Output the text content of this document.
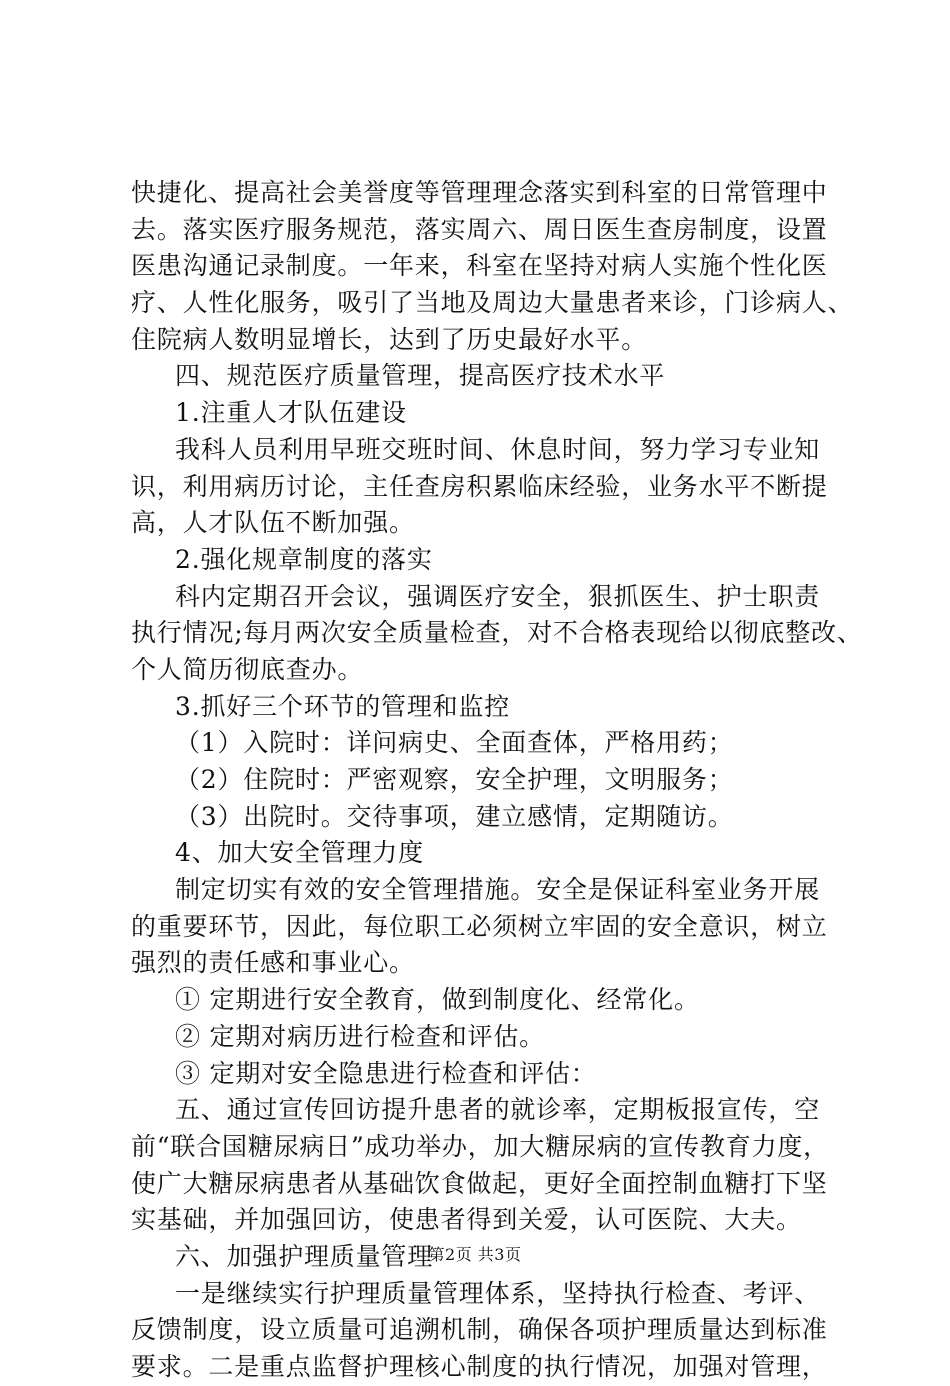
快捷化、提高社会美誉度等管理理念落实到科室的日常管理中
去。落实医疗服务规范，落实周六、周日医生查房制度，设置
医患沟通记录制度。一年来，科室在坚持对病人实施个性化医
疗、人性化服务，吸引了当地及周边大量患者来诊，门诊病人、
住院病人数明显增长，达到了历史最好水平。
四、规范医疗质量管理，提高医疗技术水平
1.注重人才队伍建设
我科人员利用早班交班时间、休息时间，努力学习专业知
识，利用病历讨论，主任查房积累临床经验，业务水平不断提
高，人才队伍不断加强。
2.强化规章制度的落实
科内定期召开会议，强调医疗安全，狠抓医生、护士职责
执行情况;每月两次安全质量检查，对不合格表现给以彻底整改、
个人简历彻底查办。
3.抓好三个环节的管理和监控
（1）入院时：详问病史、全面查体，严格用药；
（2）住院时：严密观察，安全护理，文明服务；
（3）出院时。交待事项，建立感情，定期随访。
4、加大安全管理力度
制定切实有效的安全管理措施。安全是保证科室业务开展
的重要环节，因此，每位职工必须树立牢固的安全意识，树立
强烈的责任感和事业心。
① 定期进行安全教育，做到制度化、经常化。
② 定期对病历进行检查和评估。
③ 定期对安全隐患进行检查和评估：
五、通过宣传回访提升患者的就诊率，定期板报宣传，空
前“联合国糖尿病日”成功举办，加大糖尿病的宣传教育力度，
使广大糖尿病患者从基础饮食做起，更好全面控制血糖打下坚
实基础，并加强回访，使患者得到关爱，认可医院、大夫。
六、加强护理质量管理
一是继续实行护理质量管理体系，坚持执行检查、考评、
反馈制度，设立质量可追溯机制，确保各项护理质量达到标准
要求。二是重点监督护理核心制度的执行情况，加强对管理，
第2页 共3页
